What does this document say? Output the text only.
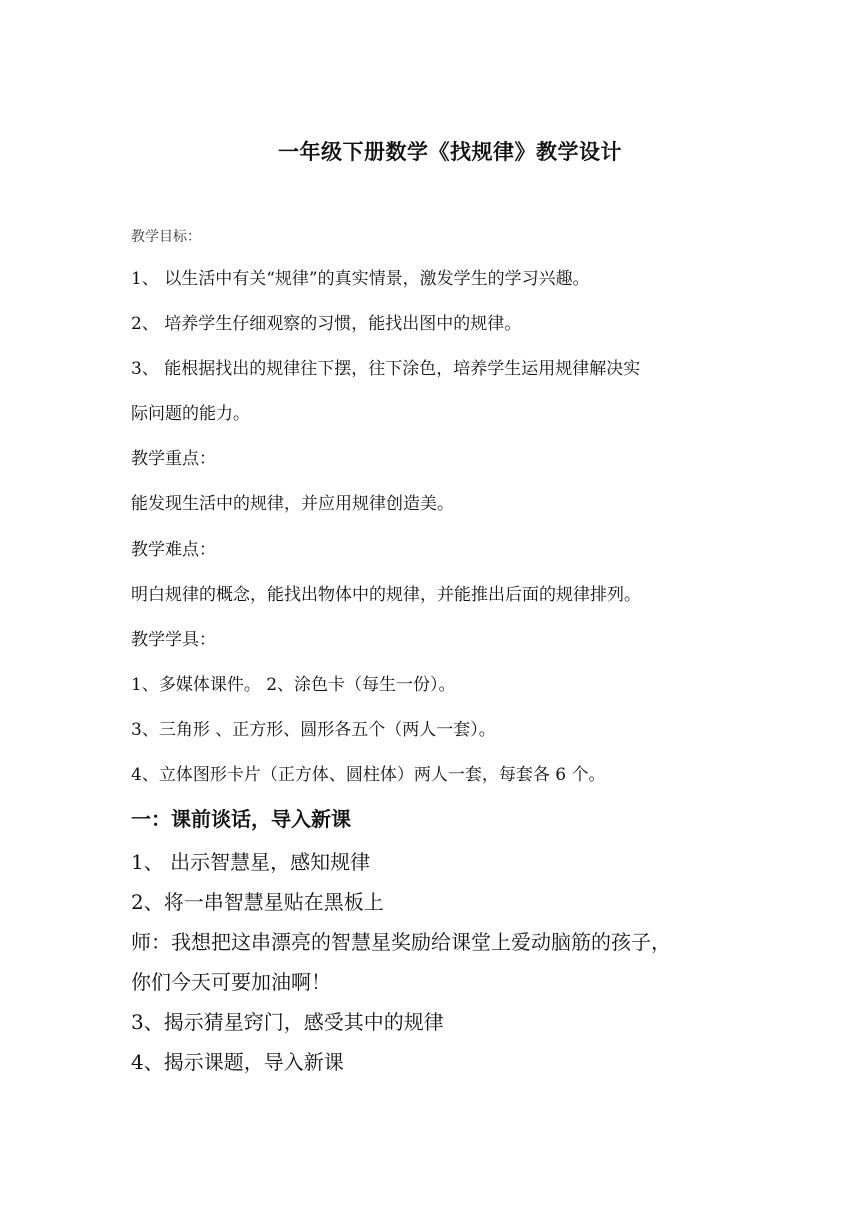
一年级下册数学《找规律》教学设计
教学目标：
1、 以生活中有关“规律”的真实情景，激发学生的学习兴趣。
2、 培养学生仔细观察的习惯，能找出图中的规律。
3、 能根据找出的规律往下摆，往下涂色，培养学生运用规律解决实
际问题的能力。
教学重点：
能发现生活中的规律，并应用规律创造美。
教学难点：
明白规律的概念，能找出物体中的规律，并能推出后面的规律排列。
教学学具：
1、多媒体课件。 2、涂色卡（每生一份）。
3、三角形 、正方形、圆形各五个（两人一套）。
4、立体图形卡片（正方体、圆柱体）两人一套，每套各 6 个。
一：课前谈话，导入新课
1、 出示智慧星，感知规律
2、将一串智慧星贴在黑板上
师：我想把这串漂亮的智慧星奖励给课堂上爱动脑筋的孩子，
你们今天可要加油啊！
3、揭示猜星窍门，感受其中的规律
4、揭示课题，导入新课
